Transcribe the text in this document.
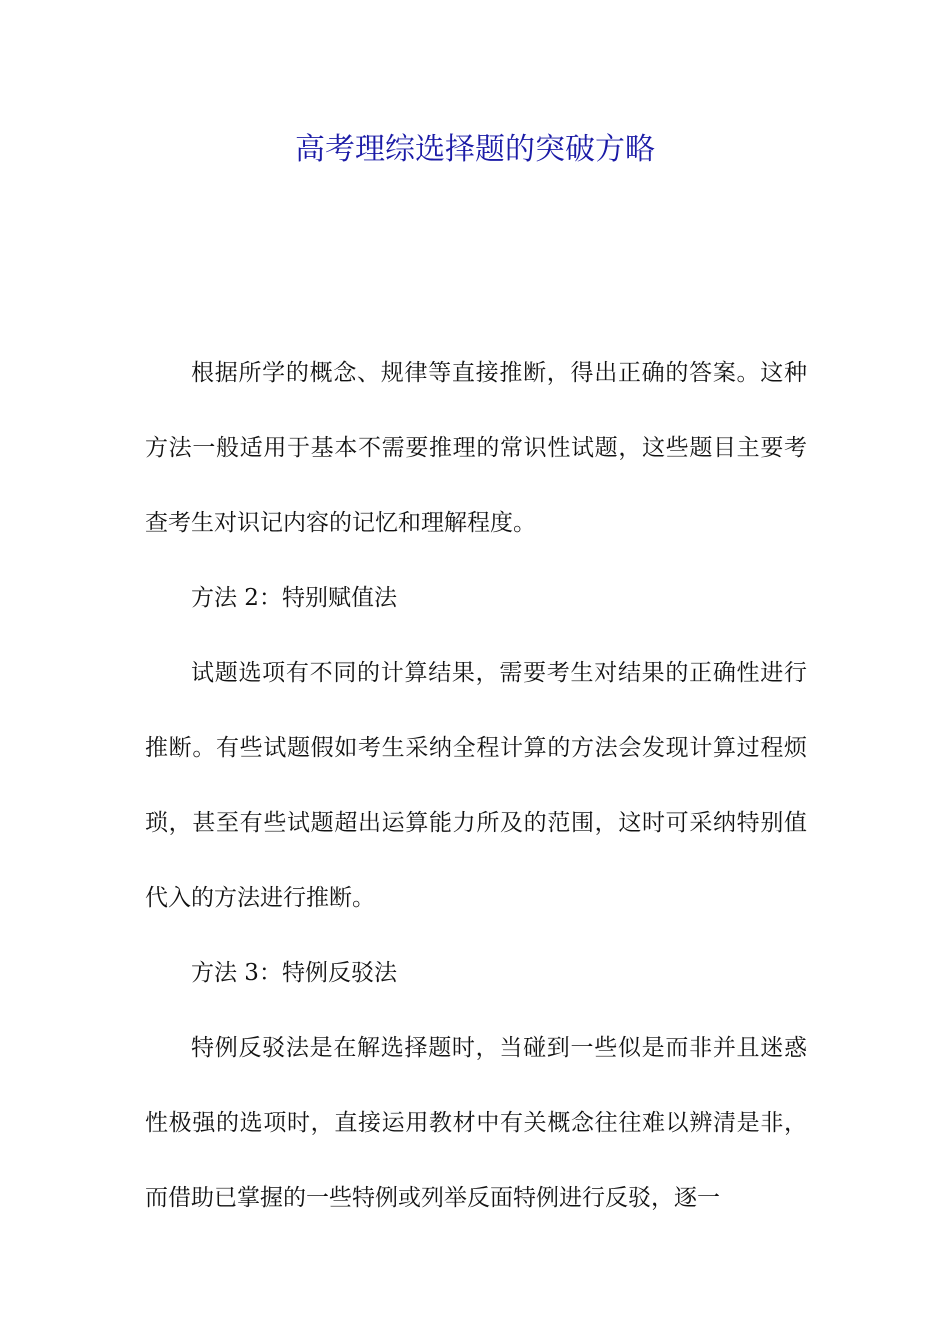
高考理综选择题的突破方略

根据所学的概念、规律等直接推断，得出正确的答案。这种方法一般适用于基本不需要推理的常识性试题，这些题目主要考查考生对识记内容的记忆和理解程度。

方法 2：特别赋值法

试题选项有不同的计算结果，需要考生对结果的正确性进行推断。有些试题假如考生采纳全程计算的方法会发现计算过程烦琐，甚至有些试题超出运算能力所及的范围，这时可采纳特别值代入的方法进行推断。

方法 3：特例反驳法

特例反驳法是在解选择题时，当碰到一些似是而非并且迷惑性极强的选项时，直接运用教材中有关概念往往难以辨清是非，而借助已掌握的一些特例或列举反面特例进行反驳，逐一
